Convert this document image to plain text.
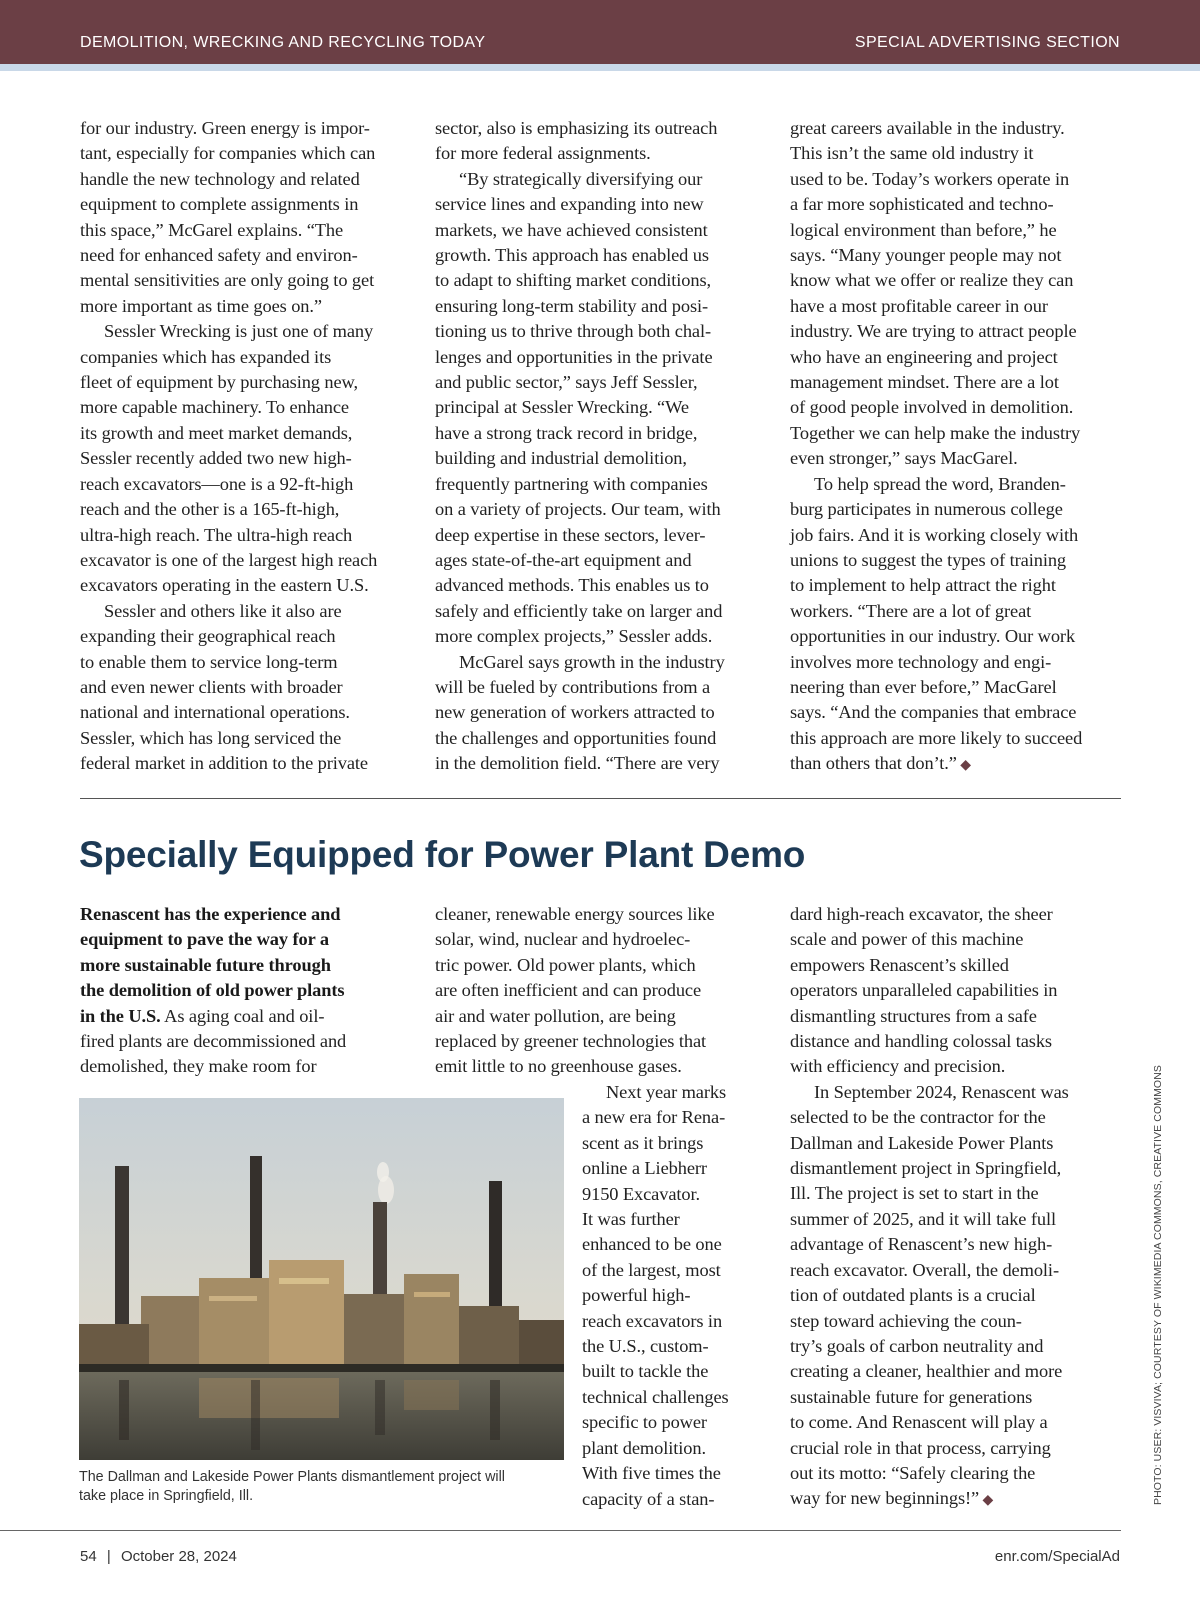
DEMOLITION, WRECKING AND RECYCLING TODAY	SPECIAL ADVERTISING SECTION
for our industry. Green energy is impor-
tant, especially for companies which can
handle the new technology and related
equipment to complete assignments in
this space,” McGarel explains. “The
need for enhanced safety and environ-
mental sensitivities are only going to get
more important as time goes on.”
Sessler Wrecking is just one of many
companies which has expanded its
fleet of equipment by purchasing new,
more capable machinery. To enhance
its growth and meet market demands,
Sessler recently added two new high-
reach excavators—one is a 92-ft-high
reach and the other is a 165-ft-high,
ultra-high reach. The ultra-high reach
excavator is one of the largest high reach
excavators operating in the eastern U.S.
Sessler and others like it also are
expanding their geographical reach
to enable them to service long-term
and even newer clients with broader
national and international operations.
Sessler, which has long serviced the
federal market in addition to the private
sector, also is emphasizing its outreach
for more federal assignments.
“By strategically diversifying our
service lines and expanding into new
markets, we have achieved consistent
growth. This approach has enabled us
to adapt to shifting market conditions,
ensuring long-term stability and posi-
tioning us to thrive through both chal-
lenges and opportunities in the private
and public sector,” says Jeff Sessler,
principal at Sessler Wrecking. “We
have a strong track record in bridge,
building and industrial demolition,
frequently partnering with companies
on a variety of projects. Our team, with
deep expertise in these sectors, lever-
ages state-of-the-art equipment and
advanced methods. This enables us to
safely and efficiently take on larger and
more complex projects,” Sessler adds.
McGarel says growth in the industry
will be fueled by contributions from a
new generation of workers attracted to
the challenges and opportunities found
in the demolition field. “There are very
great careers available in the industry.
This isn’t the same old industry it
used to be. Today’s workers operate in
a far more sophisticated and techno-
logical environment than before,” he
says. “Many younger people may not
know what we offer or realize they can
have a most profitable career in our
industry. We are trying to attract people
who have an engineering and project
management mindset. There are a lot
of good people involved in demolition.
Together we can help make the industry
even stronger,” says MacGarel.
To help spread the word, Branden-
burg participates in numerous college
job fairs. And it is working closely with
unions to suggest the types of training
to implement to help attract the right
workers. “There are a lot of great
opportunities in our industry. Our work
involves more technology and engi-
neering than ever before,” MacGarel
says. “And the companies that embrace
this approach are more likely to succeed
than others that don’t.” ◆
Specially Equipped for Power Plant Demo
Renascent has the experience and
equipment to pave the way for a
more sustainable future through
the demolition of old power plants
in the U.S. As aging coal and oil-
fired plants are decommissioned and
demolished, they make room for
cleaner, renewable energy sources like
solar, wind, nuclear and hydroelec-
tric power. Old power plants, which
are often inefficient and can produce
air and water pollution, are being
replaced by greener technologies that
emit little to no greenhouse gases.
Next year marks
a new era for Rena-
scent as it brings
online a Liebherr
9150 Excavator.
It was further
enhanced to be one
of the largest, most
powerful high-
reach excavators in
the U.S., custom-
built to tackle the
technical challenges
specific to power
plant demolition.
With five times the
capacity of a stan-
dard high-reach excavator, the sheer
scale and power of this machine
empowers Renascent’s skilled
operators unparalleled capabilities in
dismantling structures from a safe
distance and handling colossal tasks
with efficiency and precision.
In September 2024, Renascent was
selected to be the contractor for the
Dallman and Lakeside Power Plants
dismantlement project in Springfield,
Ill. The project is set to start in the
summer of 2025, and it will take full
advantage of Renascent’s new high-
reach excavator. Overall, the demoli-
tion of outdated plants is a crucial
step toward achieving the coun-
try’s goals of carbon neutrality and
creating a cleaner, healthier and more
sustainable future for generations
to come. And Renascent will play a
crucial role in that process, carrying
out its motto: “Safely clearing the
way for new beginnings!” ◆
The Dallman and Lakeside Power Plants dismantlement project will
take place in Springfield, Ill.	PHOTO: USER: VISVIVA; COURTESY OF WIKIMEDIA COMMONS, CREATIVE COMMONS
54 | October 28, 2024	enr.com/SpecialAd
